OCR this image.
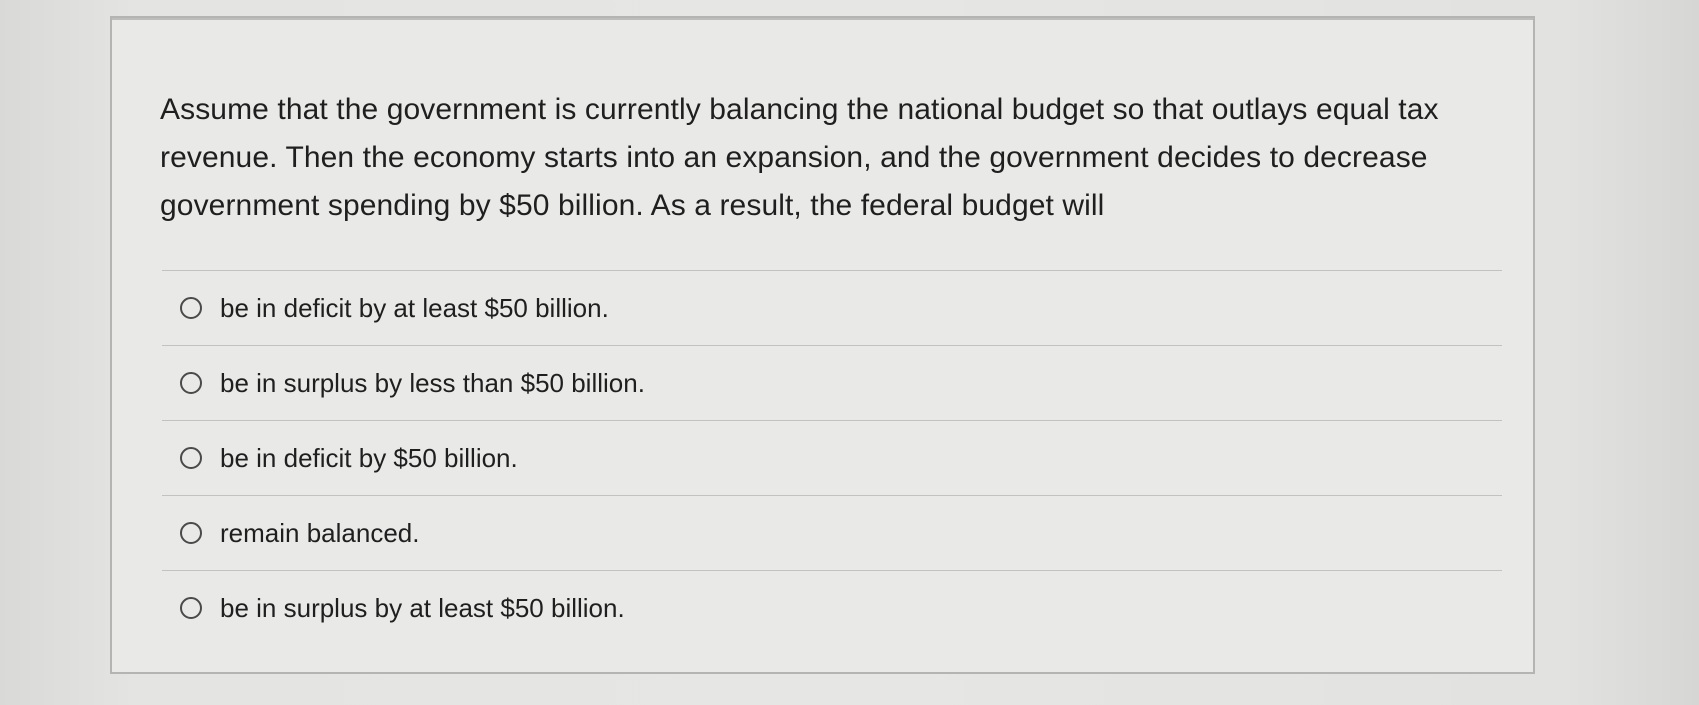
Assume that the government is currently balancing the national budget so that outlays equal tax revenue. Then the economy starts into an expansion, and the government decides to decrease government spending by $50 billion. As a result, the federal budget will

be in deficit by at least $50 billion.
be in surplus by less than $50 billion.
be in deficit by $50 billion.
remain balanced.
be in surplus by at least $50 billion.
